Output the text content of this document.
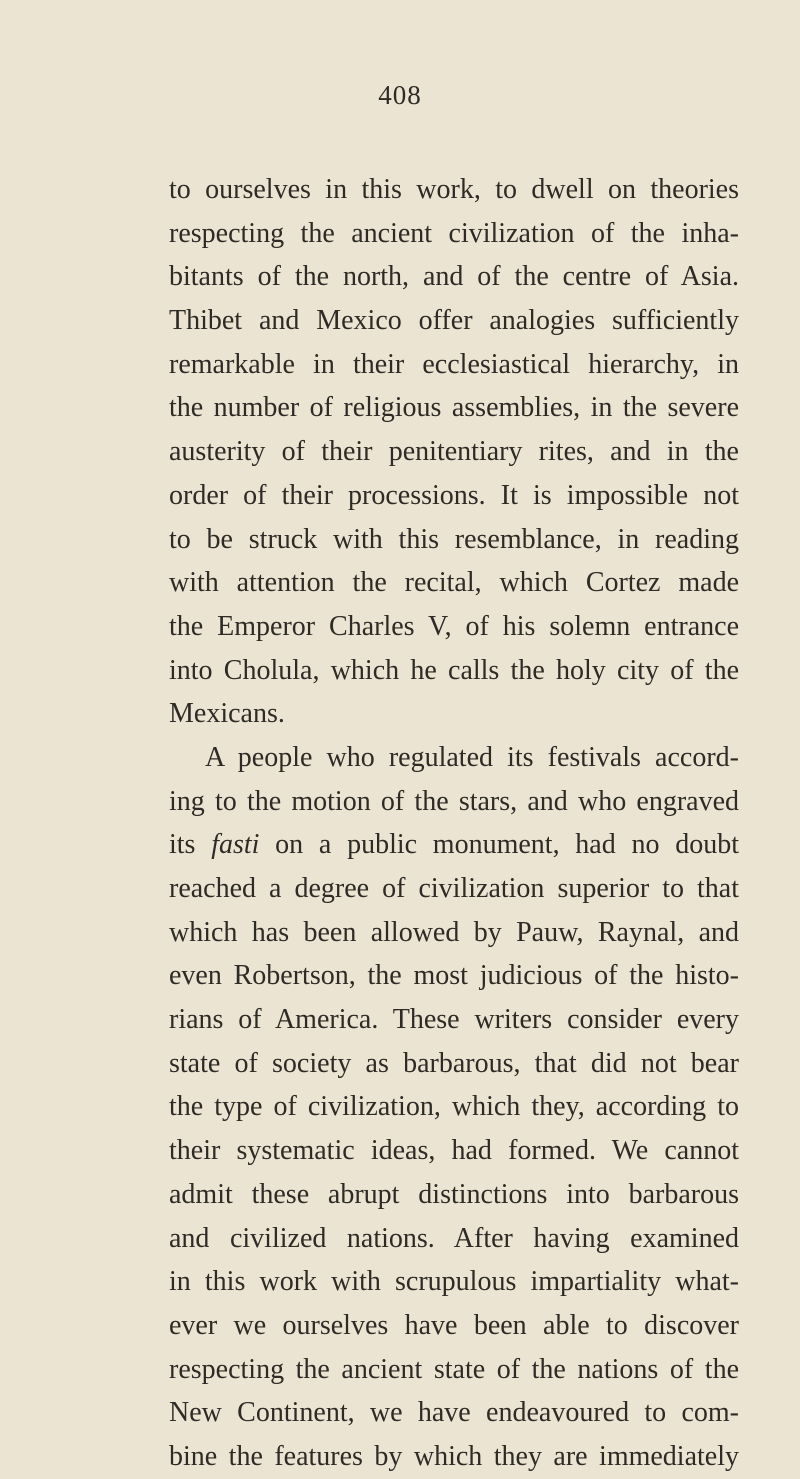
408
to ourselves in this work, to dwell on theories
respecting the ancient civilization of the inha-
bitants of the north, and of the centre of Asia.
Thibet and Mexico offer analogies sufficiently
remarkable in their ecclesiastical hierarchy, in
the number of religious assemblies, in the severe
austerity of their penitentiary rites, and in the
order of their processions. It is impossible not
to be struck with this resemblance, in reading
with attention the recital, which Cortez made
the Emperor Charles V, of his solemn entrance
into Cholula, which he calls the holy city of the
Mexicans.
A people who regulated its festivals accord-
ing to the motion of the stars, and who engraved
its fasti on a public monument, had no doubt
reached a degree of civilization superior to that
which has been allowed by Pauw, Raynal, and
even Robertson, the most judicious of the histo-
rians of America. These writers consider every
state of society as barbarous, that did not bear
the type of civilization, which they, according to
their systematic ideas, had formed. We cannot
admit these abrupt distinctions into barbarous
and civilized nations. After having examined
in this work with scrupulous impartiality what-
ever we ourselves have been able to discover
respecting the ancient state of the nations of the
New Continent, we have endeavoured to com-
bine the features by which they are immediately
